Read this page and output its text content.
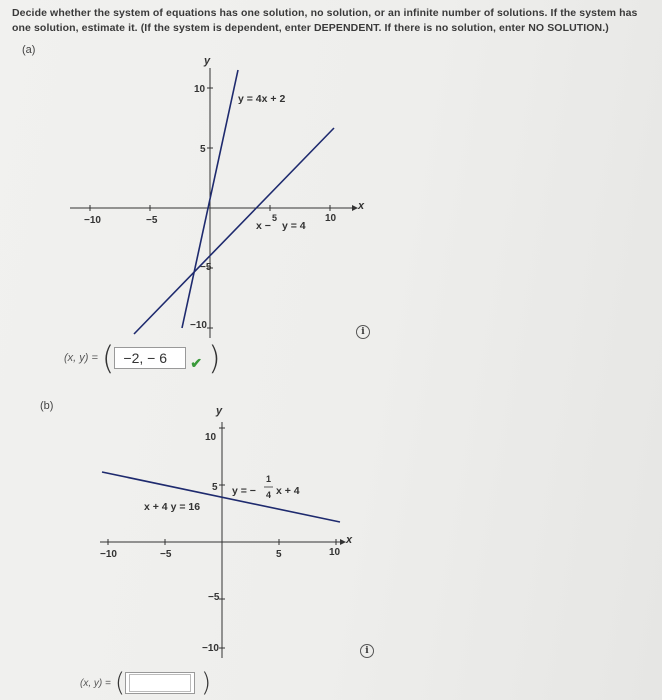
Decide whether the system of equations has one solution, no solution, or an infinite number of solutions. If the system has one solution, estimate it. (If the system is dependent, enter DEPENDENT. If there is no solution, enter NO SOLUTION.)
(a)
x
y
−10	−5	10
10
5
−5
−10
y = 4x + 2
x −
5
y = 4
i
(x, y) = ( −2, − 6 ✔ )
(b)
x
y
−10	−5	5	10
10
5
−5
−10
x + 4 y = 16
y = −
1
4 x + 4
i
(x, y) = (	)
